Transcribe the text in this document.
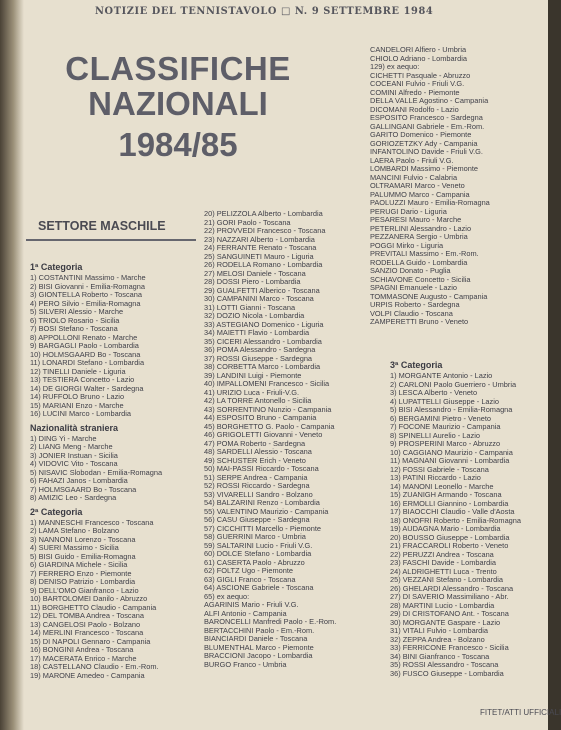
NOTIZIE DEL TENNISTAVOLO □ N. 9 SETTEMBRE 1984
CLASSIFICHE
NAZIONALI
1984/85
SETTORE MASCHILE
1ª Categoria
1) COSTANTINI Massimo - Marche
2) BISI Giovanni - Emilia-Romagna
3) GIONTELLA Roberto - Toscana
4) PERO Silvio - Emilia-Romagna
5) SILVERI Alessio - Marche
6) TRIOLO Rosario - Sicilia
7) BOSI Stefano - Toscana
8) APPOLLONI Renato - Marche
9) BARGAGLI Paolo - Lombardia
10) HOLMSGAARD Bo - Toscana
11) LONARDI Stefano - Lombardia
12) TINELLI Daniele - Liguria
13) TESTIERA Concetto - Lazio
14) DE GIORGI Walter - Sardegna
14) RUFFOLO Bruno - Lazio
15) MARIANI Enzo - Marche
16) LUCINI Marco - Lombardia
Nazionalità straniera
1) DING Yi - Marche
2) LIANG Meng - Marche
3) JONIER Instuan - Sicilia
4) VIDOVIC Vito - Toscana
5) NISAVIC Slobodan - Emilia-Romagna
6) FAHAZI Janos - Lombardia
7) HOLMSGAARD Bo - Toscana
8) AMIZIC Leo - Sardegna
2ª Categoria
1) MANNESCHI Francesco - Toscana
2) LAMA Stefano - Bolzano
3) NANNONI Lorenzo - Toscana
4) SUERI Massimo - Sicilia
5) BISI Guido - Emilia-Romagna
6) GIARDINA Michele - Sicilia
7) FERRERO Enzo - Piemonte
8) DENISO Patrizio - Lombardia
9) DELL'OMO Gianfranco - Lazio
10) BARTOLOMEI Danilo - Abruzzo
11) BORGHETTO Claudio - Campania
12) DEL TOMBA Andrea - Toscana
13) CANGELOSI Paolo - Bolzano
14) MERLINI Francesco - Toscana
15) DI NAPOLI Gennaro - Campania
16) BONGINI Andrea - Toscana
17) MACERATA Enrico - Marche
18) CASTELLANO Claudio - Em.-Rom.
19) MARONE Amedeo - Campania
20) PELIZZOLA Alberto - Lombardia
21) GORI Paolo - Toscana
22) PROVVEDI Francesco - Toscana
23) NAZZARI Alberto - Lombardia
24) FERRANTE Renato - Toscana
25) SANGUINETI Mauro - Liguria
26) RODELLA Romano - Lombardia
27) MELOSI Daniele - Toscana
28) DOSSI Piero - Lombardia
29) GUALFETTI Alberico - Toscana
30) CAMPANINI Marco - Toscana
31) LOTTI Gianni - Toscana
32) DOZIO Nicola - Lombardia
33) ASTEGIANO Domenico - Liguria
34) MAIETTI Flavio - Lombardia
35) CICERI Alessandro - Lombardia
36) POMA Alessandro - Sardegna
37) ROSSI Giuseppe - Sardegna
38) CORBETTA Marco - Lombardia
39) LANDINI Luigi - Piemonte
40) IMPALLOMENI Francesco - Sicilia
41) URIZIO Luca - Friuli-V.G.
42) LA TORRE Antonello - Sicilia
43) SORRENTINO Nunzio - Campania
44) ESPOSITO Bruno - Campania
45) BORGHETTO G. Paolo - Campania
46) GRIGOLETTI Giovanni - Veneto
47) POMA Roberto - Sardegna
48) SARDELLI Alessio - Toscana
49) SCHUSTER Erich - Veneto
50) MAI-PASSI Riccardo - Toscana
51) SERPE Andrea - Campania
52) ROSSI Riccardo - Sardegna
53) VIVARELLI Sandro - Bolzano
54) BALZARINI Renzo - Lombardia
55) VALENTINO Maurizio - Campania
56) CASU Giuseppe - Sardegna
57) CICCHITTI Marcello - Piemonte
58) GUERRINI Marco - Umbria
59) SALTARINI Lucio - Friuli V.G.
60) DOLCE Stefano - Lombardia
61) CASERTA Paolo - Abruzzo
62) FOLTZ Ugo - Piemonte
63) GIGLI Franco - Toscana
64) ASCIONE Gabriele - Toscana
65) ex aequo:
AGARINIS Mario - Friuli V.G.
ALFI Antonio - Campania
BARONCELLI Manfredi Paolo - E.-Rom.
BERTACCHINI Paolo - Em.-Rom.
BIANCIARDI Daniele - Toscana
BLUMENTHAL Marco - Piemonte
BRACCIONI Jacopo - Lombardia
BURGO Franco - Umbria
CANDELORI Alfiero - Umbria
CHIOLO Adriano - Lombardia
129) ex aequo:
CICHETTI Pasquale - Abruzzo
COCEANI Fulvio - Friuli V.G.
COMINI Alfredo - Piemonte
DELLA VALLE Agostino - Campania
DICOMANI Rodolfo - Lazio
ESPOSITO Francesco - Sardegna
GALLINGANI Gabriele - Em.-Rom.
GARITO Domenico - Piemonte
GORIOZETZKY Ady - Campania
INFANTOLINO Davide - Friuli V.G.
LAERA Paolo - Friuli V.G.
LOMBARDI Massimo - Piemonte
MANCINI Fulvio - Calabria
OLTRAMARI Marco - Veneto
PALUMMO Marco - Campania
PAOLUZZI Mauro - Emilia-Romagna
PERUGI Dario - Liguria
PESARESI Mauro - Marche
PETERLINI Alessandro - Lazio
PEZZANERA Sergio - Umbria
POGGI Mirko - Liguria
PREVITALI Massimo - Em.-Rom.
RODELLA Guido - Lombardia
SANZIO Donato - Puglia
SCHIAVONE Concetto - Sicilia
SPAGNI Emanuele - Lazio
TOMMASONE Augusto - Campania
URPIS Roberto - Sardegna
VOLPI Claudio - Toscana
ZAMPERETTI Bruno - Veneto
3ª Categoria
1) MORGANTE Antonio - Lazio
2) CARLONI Paolo Guerriero - Umbria
3) LESCA Alberto - Veneto
4) LUPATTELLI Giuseppe - Lazio
5) BISI Alessandro - Emilia-Romagna
6) BERGAMINI Pietro - Veneto
7) FOCONE Maurizio - Campania
8) SPINELLI Aurelio - Lazio
9) PROSPERINI Marco - Abruzzo
10) CAGGIANO Maurizio - Campania
11) MAGNANI Giovanni - Lombardia
12) FOSSI Gabriele - Toscana
13) PATINI Riccardo - Lazio
14) MANONI Leonello - Marche
15) ZUANIGH Armando - Toscana
16) ERMOLLI Giannino - Lombardia
17) BIAOCCHI Claudio - Valle d'Aosta
18) ONOFRI Roberto - Emilia-Romagna
19) AUDAGNA Mario - Lombardia
20) BOUSSO Giuseppe - Lombardia
21) FRACCAROLI Roberto - Veneto
22) PERUZZI Andrea - Toscana
23) FASCHI Davide - Lombardia
24) ALDRIGHETTI Luca - Trento
25) VEZZANI Stefano - Lombardia
26) GHELARDI Alessandro - Toscana
27) DI SAVERIO Massimiliano - Abr.
28) MARTINI Lucio - Lombardia
29) DI CRISTOFANO Ant. - Toscana
30) MORGANTE Gaspare - Lazio
31) VITALI Fulvio - Lombardia
32) ZEPPA Andrea - Bolzano
33) FERRICONE Francesco - Sicilia
34) BINI Gianfranco - Toscana
35) ROSSI Alessandro - Toscana
36) FUSCO Giuseppe - Lombardia
FITET/ATTI UFFICIALI
